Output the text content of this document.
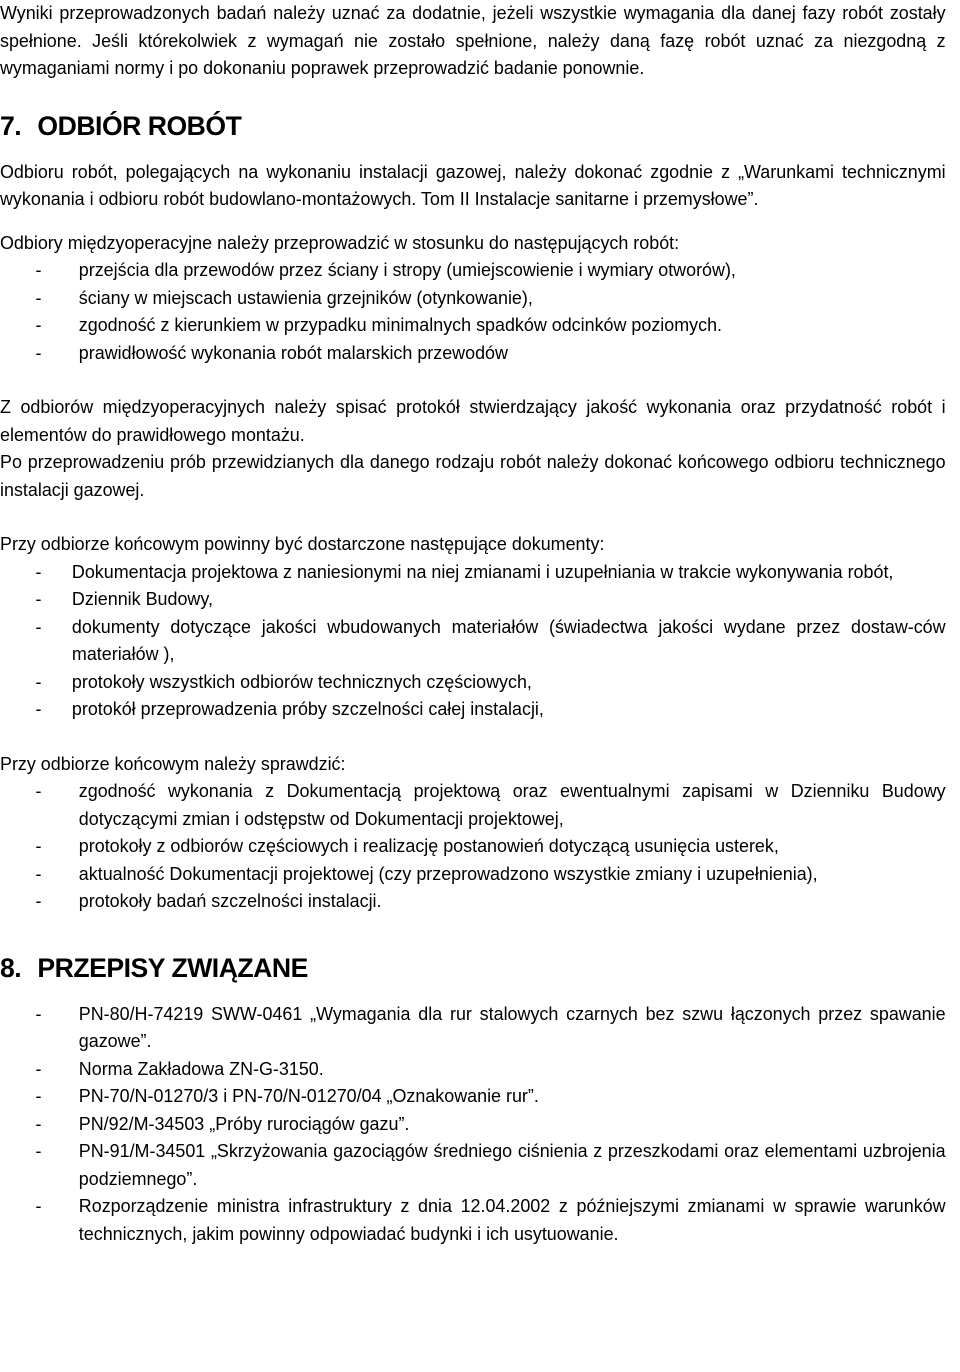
Wyniki przeprowadzonych badań należy uznać za dodatnie, jeżeli wszystkie wymagania dla danej fazy robót zostały spełnione. Jeśli którekolwiek z wymagań nie zostało spełnione, należy daną fazę robót uznać za niezgodną z wymaganiami normy i po dokonaniu poprawek przeprowadzić badanie ponownie.

7. ODBIÓR ROBÓT

Odbioru robót, polegających na wykonaniu instalacji gazowej, należy dokonać zgodnie z „Warunkami technicznymi wykonania i odbioru robót budowlano-montażowych. Tom II Instalacje sanitarne i przemysłowe”.

Odbiory międzyoperacyjne należy przeprowadzić w stosunku do następujących robót:

- przejścia dla przewodów przez ściany i stropy (umiejscowienie i wymiary otworów),
- ściany w miejscach ustawienia grzejników (otynkowanie),
- zgodność z kierunkiem w przypadku minimalnych spadków odcinków poziomych.
- prawidłowość wykonania robót malarskich przewodów

Z odbiorów międzyoperacyjnych należy spisać protokół stwierdzający jakość wykonania oraz przydatność robót i elementów do prawidłowego montażu.

Po przeprowadzeniu prób przewidzianych dla danego rodzaju robót należy dokonać końcowego odbioru technicznego instalacji gazowej.

Przy odbiorze końcowym powinny być dostarczone następujące dokumenty:

- Dokumentacja projektowa z naniesionymi na niej zmianami i uzupełniania w trakcie wykonywania robót,
- Dziennik Budowy,
- dokumenty dotyczące jakości wbudowanych materiałów (świadectwa jakości wydane przez dostaw-ców materiałów ),
- protokoły wszystkich odbiorów technicznych częściowych,
- protokół przeprowadzenia próby szczelności całej instalacji,

Przy odbiorze końcowym należy sprawdzić:

- zgodność wykonania z Dokumentacją projektową oraz ewentualnymi zapisami w Dzienniku Budowy dotyczącymi zmian i odstępstw od Dokumentacji projektowej,
- protokoły z odbiorów częściowych i realizację postanowień dotyczącą usunięcia usterek,
- aktualność Dokumentacji projektowej (czy przeprowadzono wszystkie zmiany i uzupełnienia),
- protokoły badań szczelności instalacji.
8. PRZEPISY ZWIĄZANE
- PN-80/H-74219 SWW-0461 „Wymagania dla rur stalowych czarnych bez szwu łączonych przez spawanie gazowe”.
- Norma Zakładowa ZN-G-3150.
- PN-70/N-01270/3 i PN-70/N-01270/04 „Oznakowanie rur”.
- PN/92/M-34503 „Próby rurociągów gazu”.
- PN-91/M-34501 „Skrzyżowania gazociągów średniego ciśnienia z przeszkodami oraz elementami uzbrojenia podziemnego”.
- Rozporządzenie ministra infrastruktury z dnia 12.04.2002 z późniejszymi zmianami w sprawie warunków technicznych, jakim powinny odpowiadać budynki i ich usytuowanie.
